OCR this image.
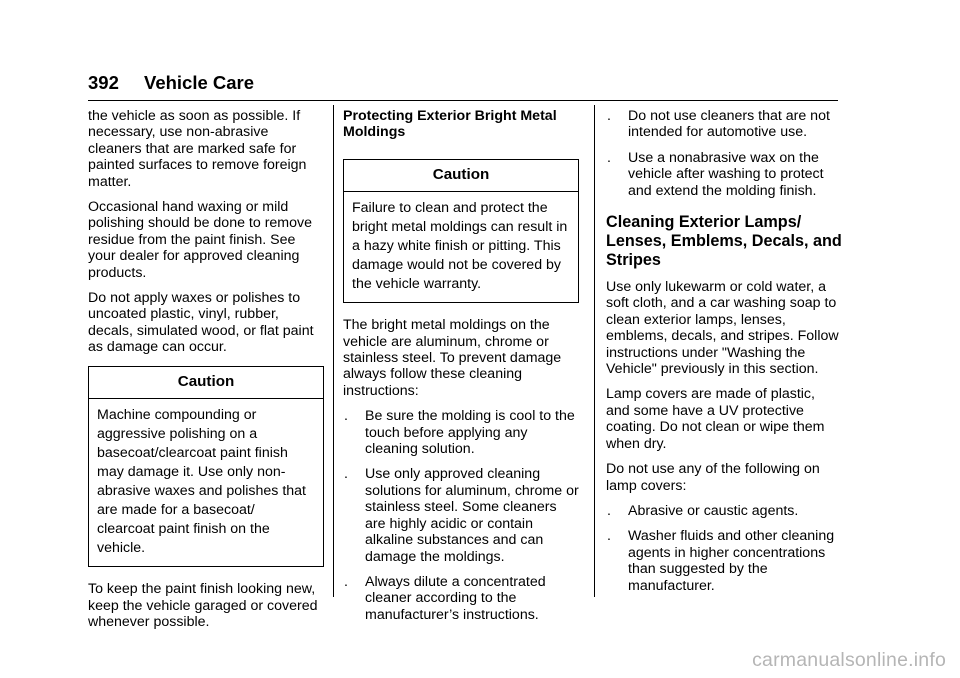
392 Vehicle Care

the vehicle as soon as possible. If necessary, use non-abrasive cleaners that are marked safe for painted surfaces to remove foreign matter.

Occasional hand waxing or mild polishing should be done to remove residue from the paint finish. See your dealer for approved cleaning products.

Do not apply waxes or polishes to uncoated plastic, vinyl, rubber, decals, simulated wood, or flat paint as damage can occur.

Caution
Machine compounding or aggressive polishing on a basecoat/clearcoat paint finish may damage it. Use only non-abrasive waxes and polishes that are made for a basecoat/ clearcoat paint finish on the vehicle.

To keep the paint finish looking new, keep the vehicle garaged or covered whenever possible.

Protecting Exterior Bright Metal Moldings

Caution
Failure to clean and protect the bright metal moldings can result in a hazy white finish or pitting. This damage would not be covered by the vehicle warranty.

The bright metal moldings on the vehicle are aluminum, chrome or stainless steel. To prevent damage always follow these cleaning instructions:

. Be sure the molding is cool to the touch before applying any cleaning solution.
. Use only approved cleaning solutions for aluminum, chrome or stainless steel. Some cleaners are highly acidic or contain alkaline substances and can damage the moldings.
. Always dilute a concentrated cleaner according to the manufacturer’s instructions.
. Do not use cleaners that are not intended for automotive use.
. Use a nonabrasive wax on the vehicle after washing to protect and extend the molding finish.
Cleaning Exterior Lamps/ Lenses, Emblems, Decals, and Stripes

Use only lukewarm or cold water, a soft cloth, and a car washing soap to clean exterior lamps, lenses, emblems, decals, and stripes. Follow instructions under "Washing the Vehicle" previously in this section.

Lamp covers are made of plastic, and some have a UV protective coating. Do not clean or wipe them when dry.

Do not use any of the following on lamp covers:

. Abrasive or caustic agents.
. Washer fluids and other cleaning agents in higher concentrations than suggested by the manufacturer.
carmanualsonline.info
